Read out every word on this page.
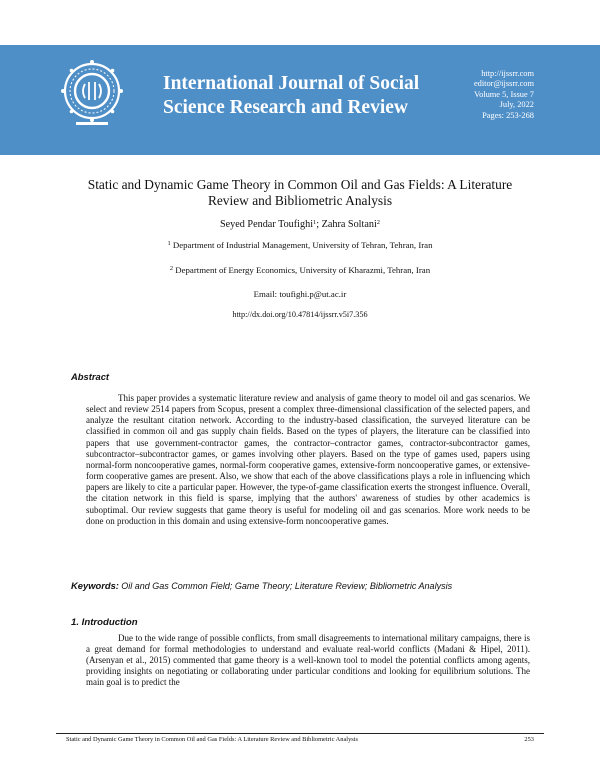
International Journal of Social Science Research and Review
http://ijssrr.com
editor@ijssrr.com
Volume 5, Issue 7
July, 2022
Pages: 253-268
Static and Dynamic Game Theory in Common Oil and Gas Fields: A Literature Review and Bibliometric Analysis
Seyed Pendar Toufighi$^1$; Zahra Soltani$^2$
$^1$ Department of Industrial Management, University of Tehran, Tehran, Iran
$^2$ Department of Energy Economics, University of Kharazmi, Tehran, Iran
Email: toufighi.p@ut.ac.ir
http://dx.doi.org/10.47814/ijssrr.v5i7.356
Abstract

This paper provides a systematic literature review and analysis of game theory to model oil and gas scenarios. We select and review 2514 papers from Scopus, present a complex three-dimensional classification of the selected papers, and analyze the resultant citation network. According to the industry-based classification, the surveyed literature can be classified in common oil and gas supply chain fields. Based on the types of players, the literature can be classified into papers that use government-contractor games, the contractor–contractor games, contractor-subcontractor games, subcontractor–subcontractor games, or games involving other players. Based on the type of games used, papers using normal-form noncooperative games, normal-form cooperative games, extensive-form noncooperative games, or extensive-form cooperative games are present. Also, we show that each of the above classifications plays a role in influencing which papers are likely to cite a particular paper. However, the type-of-game classification exerts the strongest influence. Overall, the citation network in this field is sparse, implying that the authors' awareness of studies by other academics is suboptimal. Our review suggests that game theory is useful for modeling oil and gas scenarios. More work needs to be done on production in this domain and using extensive-form noncooperative games.

Keywords: Oil and Gas Common Field; Game Theory; Literature Review; Bibliometric Analysis
1. Introduction

Due to the wide range of possible conflicts, from small disagreements to international military campaigns, there is a great demand for formal methodologies to understand and evaluate real-world conflicts (Madani & Hipel, 2011). (Arsenyan et al., 2015) commented that game theory is a well-known tool to model the potential conflicts among agents, providing insights on negotiating or collaborating under particular conditions and looking for equilibrium solutions. The main goal is to predict the

Static and Dynamic Game Theory in Common Oil and Gas Fields: A Literature Review and Bibliometric Analysis	253
